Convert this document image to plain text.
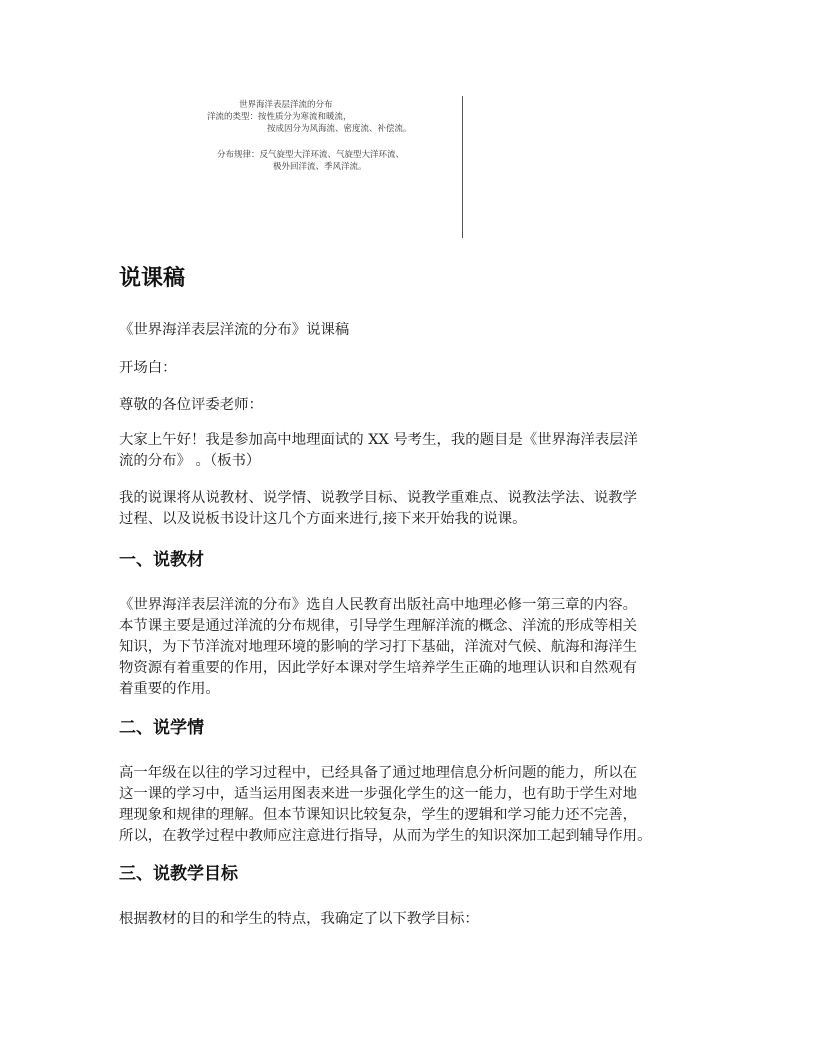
世界海洋表层洋流的分布
洋流的类型：按性质分为寒流和暖流，
按成因分为风海流、密度流、补偿流。
分布规律：反气旋型大洋环流、气旋型大洋环流、
极外回洋流、季风洋流。
说课稿

《世界海洋表层洋流的分布》说课稿

开场白：

尊敬的各位评委老师：

大家上午好！我是参加高中地理面试的 XX 号考生，我的题目是《世界海洋表层洋
流的分布》 。（板书）

我的说课将从说教材、说学情、说教学目标、说教学重难点、说教法学法、说教学
过程、以及说板书设计这几个方面来进行,接下来开始我的说课。

一、说教材

《世界海洋表层洋流的分布》选自人民教育出版社高中地理必修一第三章的内容。
本节课主要是通过洋流的分布规律，引导学生理解洋流的概念、洋流的形成等相关
知识，为下节洋流对地理环境的影响的学习打下基础，洋流对气候、航海和海洋生
物资源有着重要的作用，因此学好本课对学生培养学生正确的地理认识和自然观有
着重要的作用。

二、说学情

高一年级在以往的学习过程中，已经具备了通过地理信息分析问题的能力，所以在
这一课的学习中，适当运用图表来进一步强化学生的这一能力，也有助于学生对地
理现象和规律的理解。但本节课知识比较复杂，学生的逻辑和学习能力还不完善，
所以，在教学过程中教师应注意进行指导，从而为学生的知识深加工起到辅导作用。

三、说教学目标

根据教材的目的和学生的特点，我确定了以下教学目标：
